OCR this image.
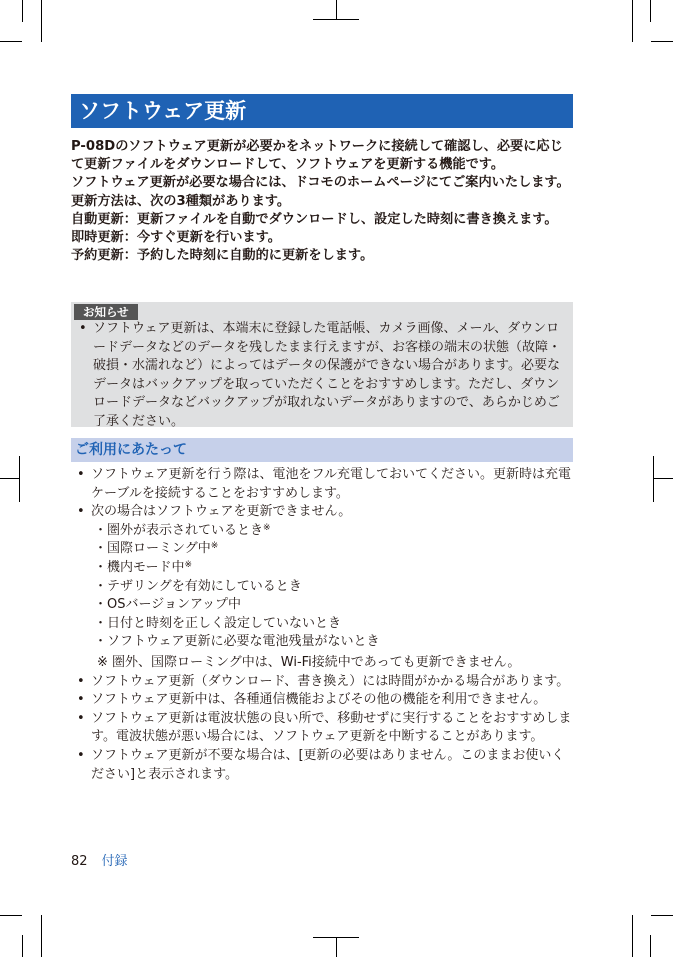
ソフトウェア更新

P-08Dのソフトウェア更新が必要かをネットワークに接続して確認し、必要に応じて更新ファイルをダウンロードして、ソフトウェアを更新する機能です。

ソフトウェア更新が必要な場合には、ドコモのホームページにてご案内いたします。

更新方法は、次の3種類があります。

自動更新：更新ファイルを自動でダウンロードし、設定した時刻に書き換えます。

即時更新：今すぐ更新を行います。

予約更新：予約した時刻に自動的に更新をします。

お知らせ
• ソフトウェア更新は、本端末に登録した電話帳、カメラ画像、メール、ダウンロードデータなどのデータを残したまま行えますが、お客様の端末の状態（故障・破損・水濡れなど）によってはデータの保護ができない場合があります。必要なデータはバックアップを取っていただくことをおすすめします。ただし、ダウンロードデータなどバックアップが取れないデータがありますので、あらかじめご了承ください。
ご利用にあたって
• ソフトウェア更新を行う際は、電池をフル充電しておいてください。更新時は充電ケーブルを接続することをおすすめします。
• 次の場合はソフトウェアを更新できません。
・圏外が表示されているとき※
・国際ローミング中※
・機内モード中※
・テザリングを有効にしているとき
・OSバージョンアップ中
・日付と時刻を正しく設定していないとき
・ソフトウェア更新に必要な電池残量がないとき
※ 圏外、国際ローミング中は、Wi-Fi接続中であっても更新できません。
• ソフトウェア更新（ダウンロード、書き換え）には時間がかかる場合があります。
• ソフトウェア更新中は、各種通信機能およびその他の機能を利用できません。
• ソフトウェア更新は電波状態の良い所で、移動せずに実行することをおすすめします。電波状態が悪い場合には、ソフトウェア更新を中断することがあります。
• ソフトウェア更新が不要な場合は、[更新の必要はありません。このままお使いください]と表示されます。
82 付録
